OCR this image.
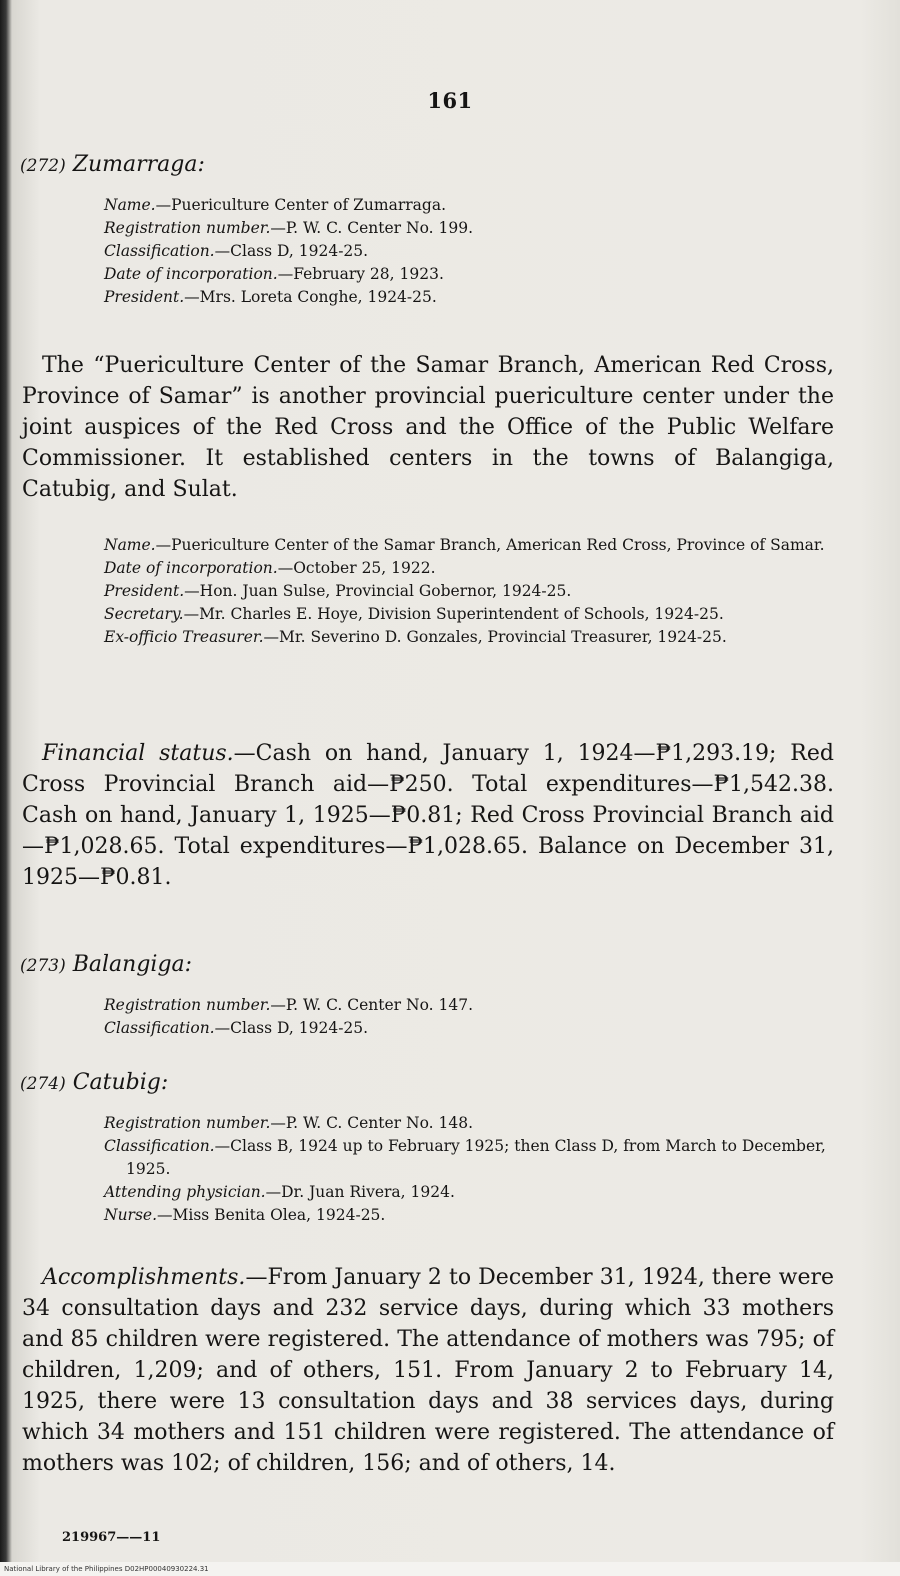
161
(272) Zumarraga:

Name.—Puericulture Center of Zumarraga.

Registration number.—P. W. C. Center No. 199.

Classification.—Class D, 1924-25.

Date of incorporation.—February 28, 1923.

President.—Mrs. Loreta Conghe, 1924-25.

The “Puericulture Center of the Samar Branch, American Red Cross, Province of Samar” is another provincial puericulture center under the joint auspices of the Red Cross and the Office of the Public Welfare Commissioner. It established centers in the towns of Balangiga, Catubig, and Sulat.

Name.—Puericulture Center of the Samar Branch, American Red Cross, Province of Samar.

Date of incorporation.—October 25, 1922.

President.—Hon. Juan Sulse, Provincial Gobernor, 1924-25.

Secretary.—Mr. Charles E. Hoye, Division Superintendent of Schools, 1924-25.

Ex-officio Treasurer.—Mr. Severino D. Gonzales, Provincial Treasurer, 1924-25.

Financial status.—Cash on hand, January 1, 1924—₱1,293.19; Red Cross Provincial Branch aid—₱250. Total expenditures—₱1,542.38. Cash on hand, January 1, 1925—₱0.81; Red Cross Provincial Branch aid—₱1,028.65. Total expenditures—₱1,028.65. Balance on December 31, 1925—₱0.81.

(273) Balangiga:

Registration number.—P. W. C. Center No. 147.

Classification.—Class D, 1924-25.

(274) Catubig:

Registration number.—P. W. C. Center No. 148.

Classification.—Class B, 1924 up to February 1925; then Class D, from March to December, 1925.

Attending physician.—Dr. Juan Rivera, 1924.

Nurse.—Miss Benita Olea, 1924-25.

Accomplishments.—From January 2 to December 31, 1924, there were 34 consultation days and 232 service days, during which 33 mothers and 85 children were registered. The attendance of mothers was 795; of children, 1,209; and of others, 151. From January 2 to February 14, 1925, there were 13 consultation days and 38 services days, during which 34 mothers and 151 children were registered. The attendance of mothers was 102; of children, 156; and of others, 14.

219967——11
National Library of the Philippines D02HP00040930224.31
